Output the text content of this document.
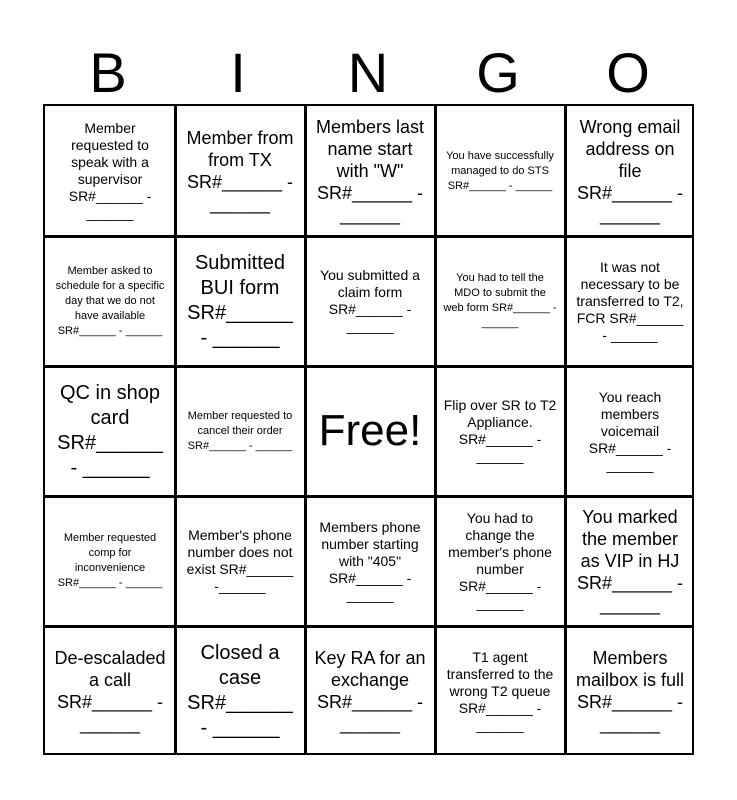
B	I	N	G	O
Member requested to speak with a supervisor SR#______ - ______
Member from from TX SR#______ - ______
Members last name start with "W" SR#______ - ______
You have successfully managed to do STS SR#______ - ______
Wrong email address on file SR#______ - ______
Member asked to schedule for a specific day that we do not have available SR#______ - ______
Submitted BUI form SR#______ - ______
You submitted a claim form SR#______ -______
You had to tell the MDO to submit the web form SR#______ -______
It was not necessary to be transferred to T2, FCR SR#______ - ______
QC in shop card SR#______ - ______
Member requested to cancel their order SR#______ - ______ Free!
Flip over SR to T2 Appliance. SR#______ -______
You reach members voicemail SR#______ -______
Member requested comp for inconvenience SR#______ - ______
Member's phone number does not exist SR#______ -______
Members phone number starting with "405" SR#______ - ______
You had to change the member's phone number SR#______ - ______
You marked the member as VIP in HJ SR#______ - ______
De-escaladed a call SR#______ - ______
Closed a case SR#______ - ______
Key RA for an exchange SR#______ - ______
T1 agent transferred to the wrong T2 queue SR#______ - ______
Members mailbox is full SR#______ - ______
